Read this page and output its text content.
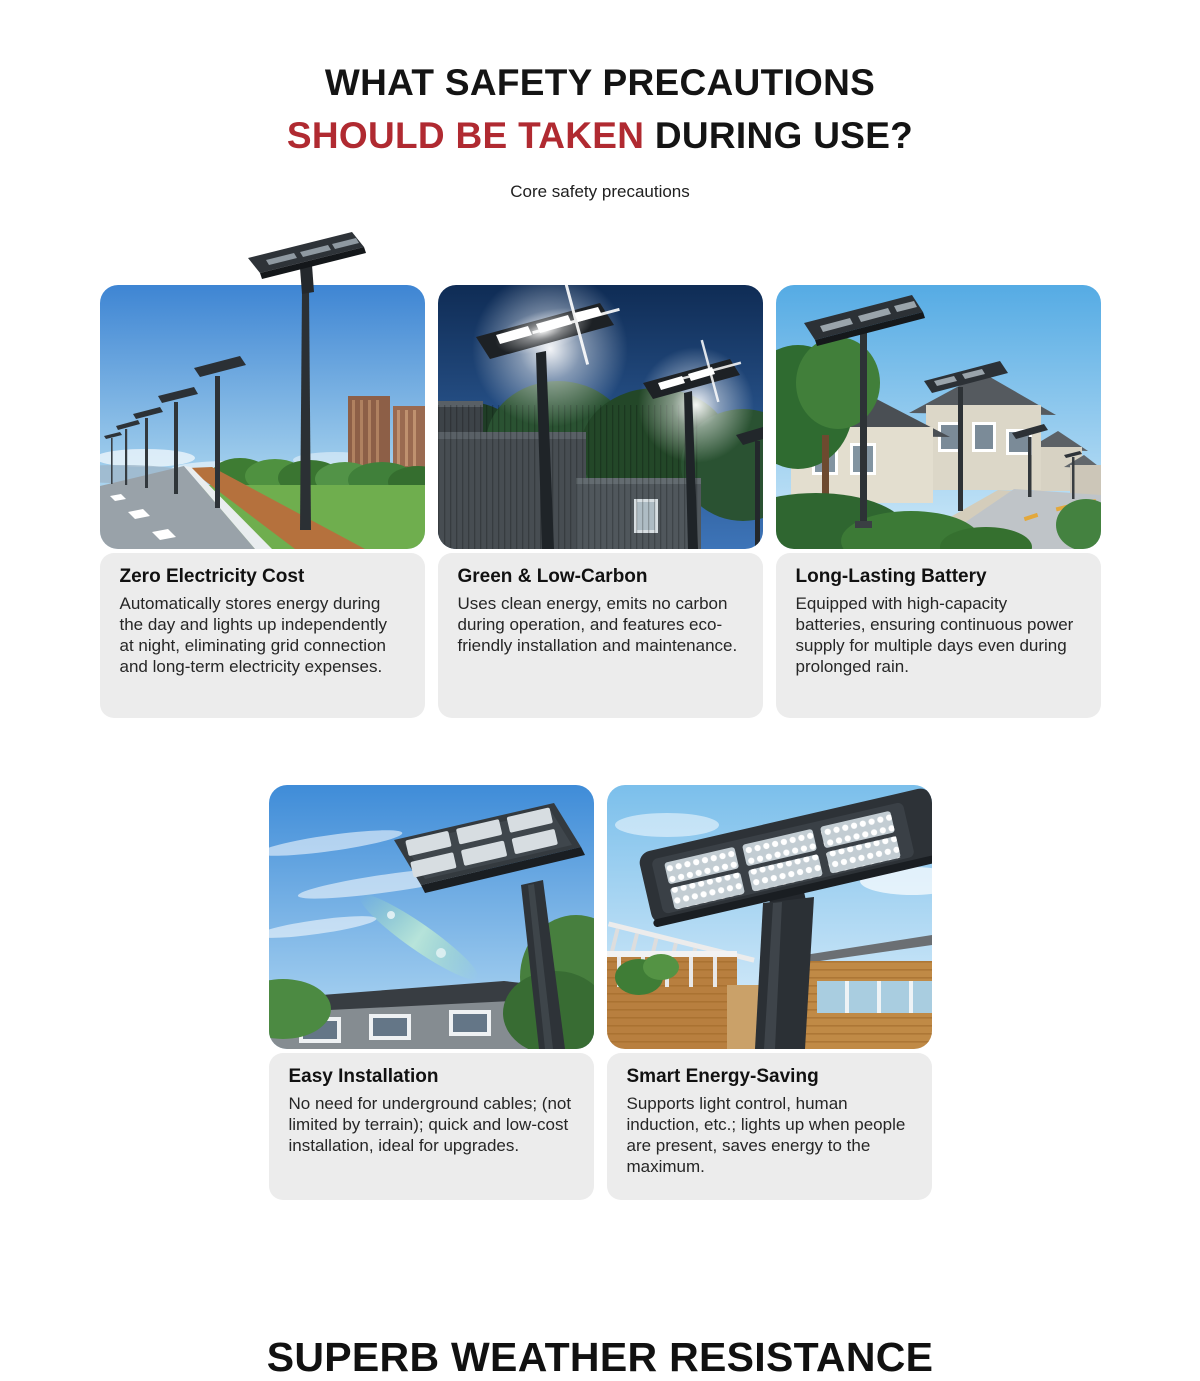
WHAT SAFETY PRECAUTIONS
SHOULD BE TAKEN DURING USE?
Core safety precautions
Zero Electricity Cost

Automatically stores energy during the day and lights up independently at night, eliminating grid connection and long-term electricity expenses.

Green & Low-Carbon

Uses clean energy, emits no carbon during operation, and features eco-friendly installation and maintenance.

Long-Lasting Battery

Equipped with high-capacity batteries, ensuring continuous power supply for multiple days even during prolonged rain.

Easy Installation

No need for underground cables; (not limited by terrain); quick and low-cost installation, ideal for upgrades.

Smart Energy-Saving

Supports light control, human induction, etc.; lights up when people are present, saves energy to the maximum.

SUPERB WEATHER RESISTANCE
